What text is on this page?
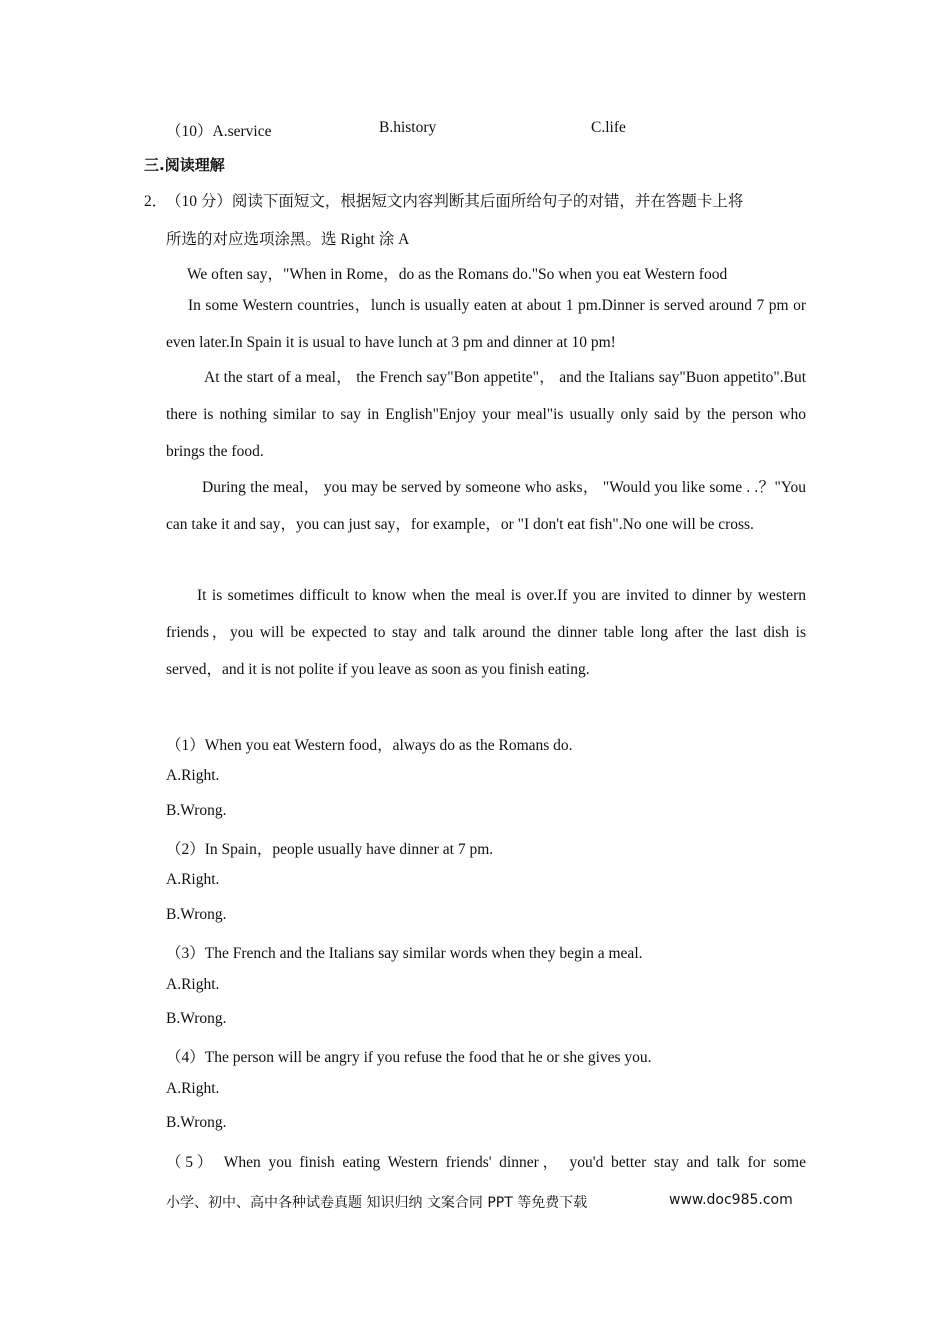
（10）A.service	B.history	C.life
三.阅读理解
2．
（10 分）阅读下面短文，根据短文内容判断其后面所给句子的对错，并在答题卡上将
所选的对应选项涂黑。选 Right 涂 A
We often say，"When in Rome，do as the Romans do."So when you eat Western food
In some Western countries，lunch is usually eaten at about 1 pm.Dinner is served around 7 pm or even later.In Spain it is usual to have lunch at 3 pm and dinner at 10 pm!
At the start of a meal， the French say"Bon appetite"， and the Italians say"Buon appetito".But there is nothing similar to say in English"Enjoy your meal"is usually only said by the person who brings the food.
During the meal， you may be served by someone who asks， "Would you like some . .？"You can take it and say，you can just say，for example，or "I don't eat fish".No one will be cross.
It is sometimes difficult to know when the meal is over.If you are invited to dinner by western friends，you will be expected to stay and talk around the dinner table long after the last dish is served，and it is not polite if you leave as soon as you finish eating.
（1）When you eat Western food，always do as the Romans do.
A.Right.
B.Wrong.
（2）In Spain，people usually have dinner at 7 pm.
A.Right.
B.Wrong.
（3）The French and the Italians say similar words when they begin a meal.
A.Right.
B.Wrong.
（4）The person will be angry if you refuse the food that he or she gives you.
A.Right.
B.Wrong.
（5） When you finish eating Western friends' dinner， you'd better stay and talk for some
小学、初中、高中各种试卷真题 知识归纳 文案合同 PPT 等免费下载	www.doc985.com
